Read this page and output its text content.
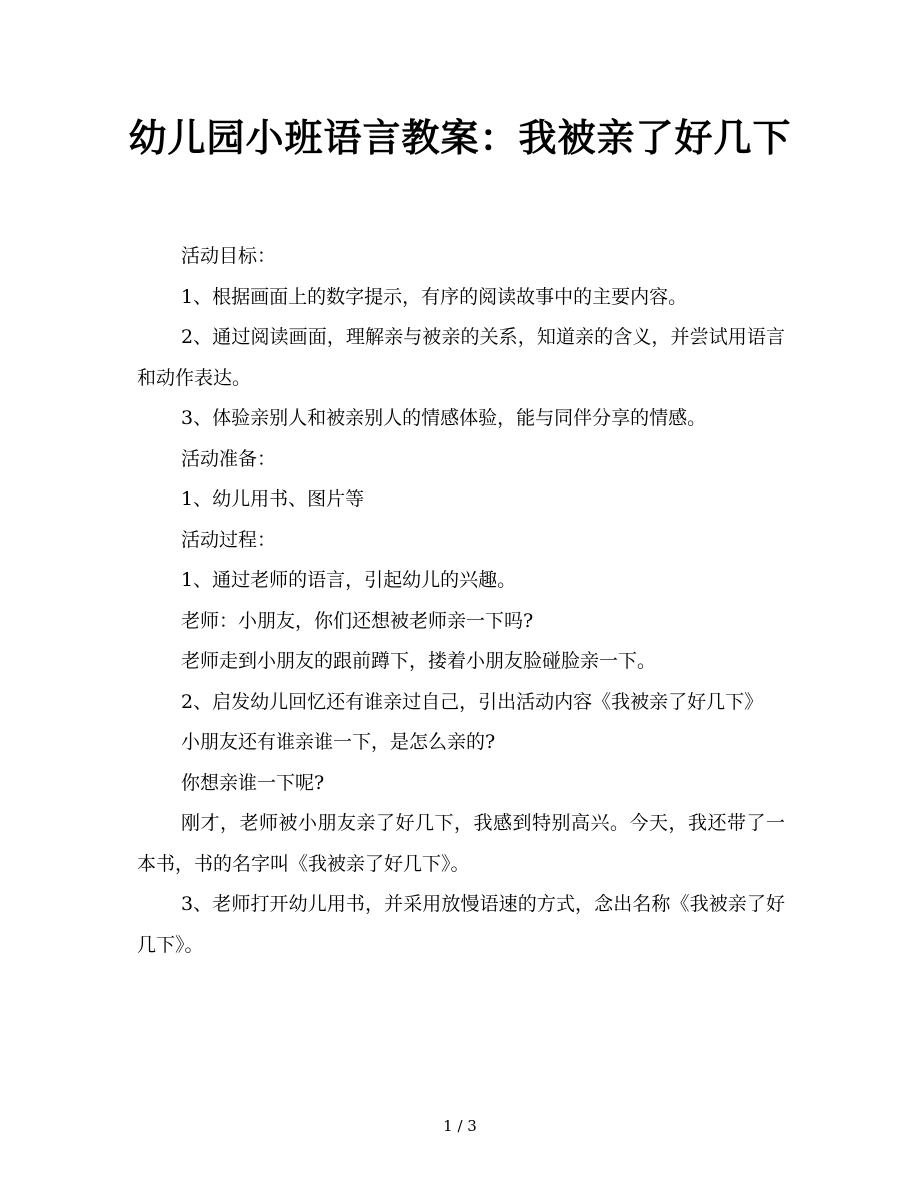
幼儿园小班语言教案：我被亲了好几下

活动目标：

1、根据画面上的数字提示，有序的阅读故事中的主要内容。

2、通过阅读画面，理解亲与被亲的关系，知道亲的含义，并尝试用语言和动作表达。

3、体验亲别人和被亲别人的情感体验，能与同伴分享的情感。

活动准备：

1、幼儿用书、图片等

活动过程：

1、通过老师的语言，引起幼儿的兴趣。

老师：小朋友，你们还想被老师亲一下吗?

老师走到小朋友的跟前蹲下，搂着小朋友脸碰脸亲一下。

2、启发幼儿回忆还有谁亲过自己，引出活动内容《我被亲了好几下》

小朋友还有谁亲谁一下，是怎么亲的?

你想亲谁一下呢?

刚才，老师被小朋友亲了好几下，我感到特别高兴。今天，我还带了一本书，书的名字叫《我被亲了好几下》。

3、老师打开幼儿用书，并采用放慢语速的方式，念出名称《我被亲了好几下》。

1 / 3
